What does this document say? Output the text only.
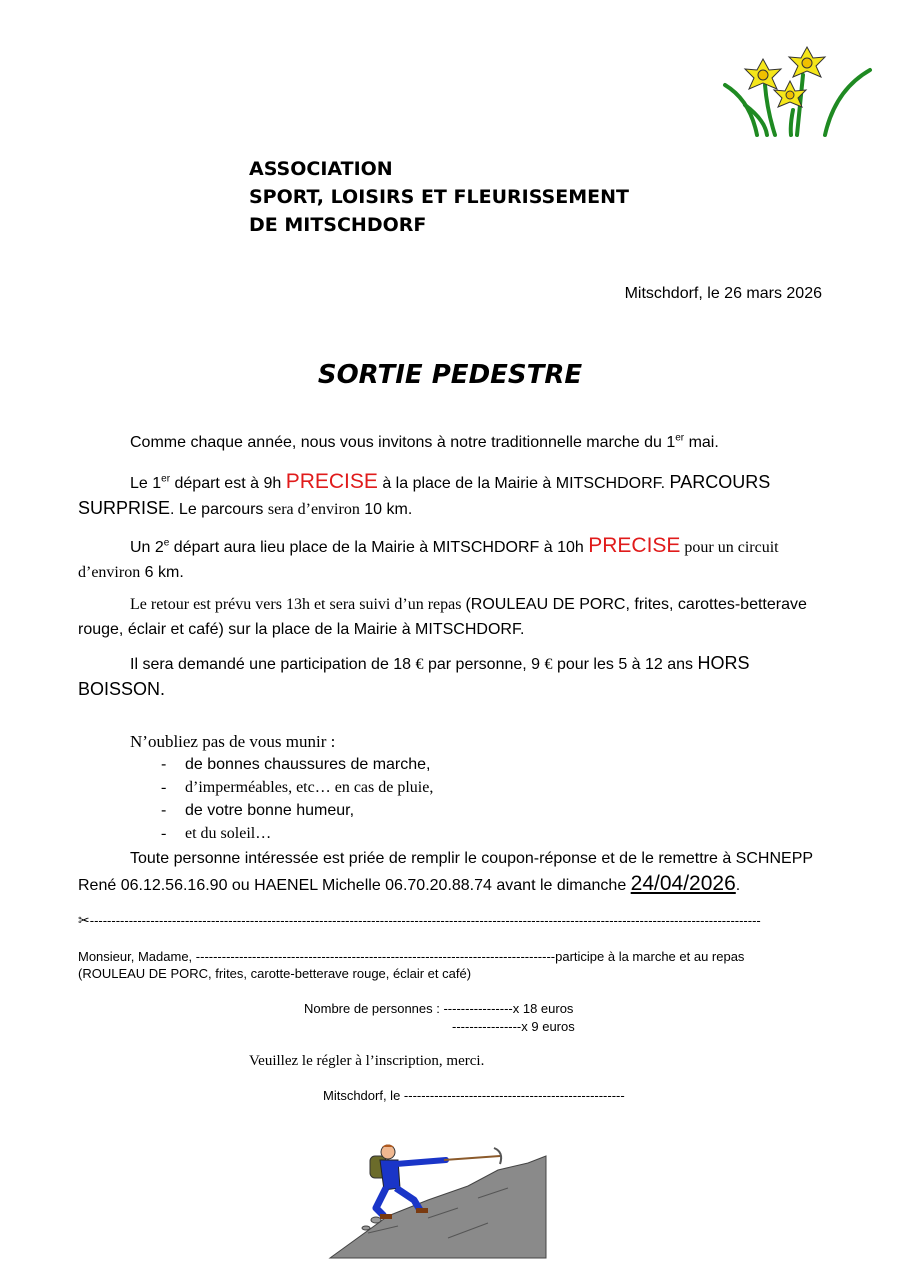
ASSOCIATION
SPORT, LOISIRS ET FLEURISSEMENT
DE MITSCHDORF
Mitschdorf, le 26 mars 2026
SORTIE PEDESTRE
Comme chaque année, nous vous invitons à notre traditionnelle marche du 1er mai.
Le 1er départ est à 9h PRECISE à la place de la Mairie à MITSCHDORF. PARCOURS SURPRISE. Le parcours sera d’environ 10 km.
Un 2e départ aura lieu place de la Mairie à MITSCHDORF à 10h PRECISE pour un circuit d’environ 6 km.
Le retour est prévu vers 13h et sera suivi d’un repas (ROULEAU DE PORC, frites, carottes-betterave rouge, éclair et café) sur la place de la Mairie à MITSCHDORF.
Il sera demandé une participation de 18 € par personne, 9 € pour les 5 à 12 ans HORS BOISSON.
N’oubliez pas de vous munir :
- de bonnes chaussures de marche,
- d’imperméables, etc… en cas de pluie,
- de votre bonne humeur,
- et du soleil…
Toute personne intéressée est priée de remplir le coupon-réponse et de le remettre à SCHNEPP René 06.12.56.16.90 ou HAENEL Michelle 06.70.20.88.74 avant le dimanche 24/04/2026.
✂-----------------------------------------------------------------------------------------------------------------------------------------------------------
Monsieur, Madame, -----------------------------------------------------------------------------------participe à la marche et au repas (ROULEAU DE PORC, frites, carotte-betterave rouge, éclair et café)
Nombre de personnes : ----------------x 18 euros
----------------x 9 euros
Veuillez le régler à l’inscription, merci.
Mitschdorf, le ---------------------------------------------------
